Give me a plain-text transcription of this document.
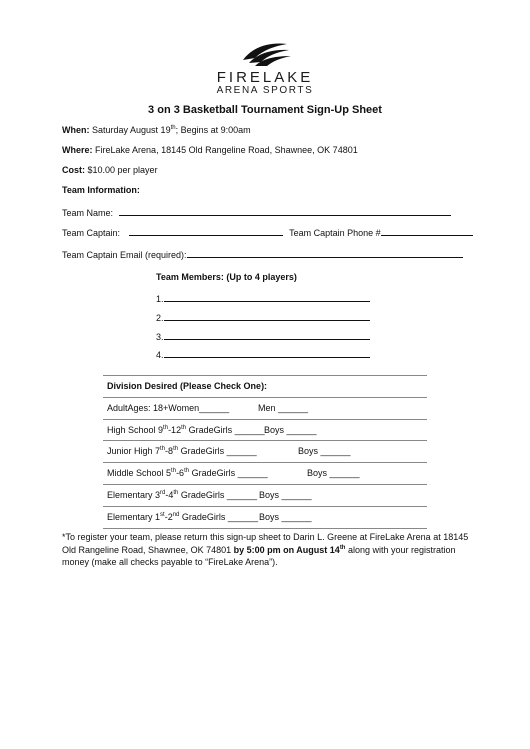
FIRELAKE
ARENA SPORTS
3 on 3 Basketball Tournament Sign-Up Sheet
When: Saturday August 19th; Begins at 9:00am
Where: FireLake Arena, 18145 Old Rangeline Road, Shawnee, OK 74801
Cost: $10.00 per player
Team Information:
Team Name:
Team Captain:	Team Captain Phone #
Team Captain Email (required):
Team Members: (Up to 4 players)
1.
2.
3.
4.
Division Desired (Please Check One):
AdultAges: 18+Women______	Men ______
High School 9th-12th GradeGirls ______ Boys ______
Junior High 7th-8th GradeGirls ______	Boys ______
Middle School 5th-6th GradeGirls ______	Boys ______
Elementary 3rd-4th GradeGirls ______ Boys ______
Elementary 1st-2nd GradeGirls ______ Boys ______
*To register your team, please return this sign-up sheet to Darin L. Greene at FireLake Arena at 18145 Old Rangeline Road, Shawnee, OK 74801 by 5:00 pm on August 14th along with your registration money (make all checks payable to “FireLake Arena”).
